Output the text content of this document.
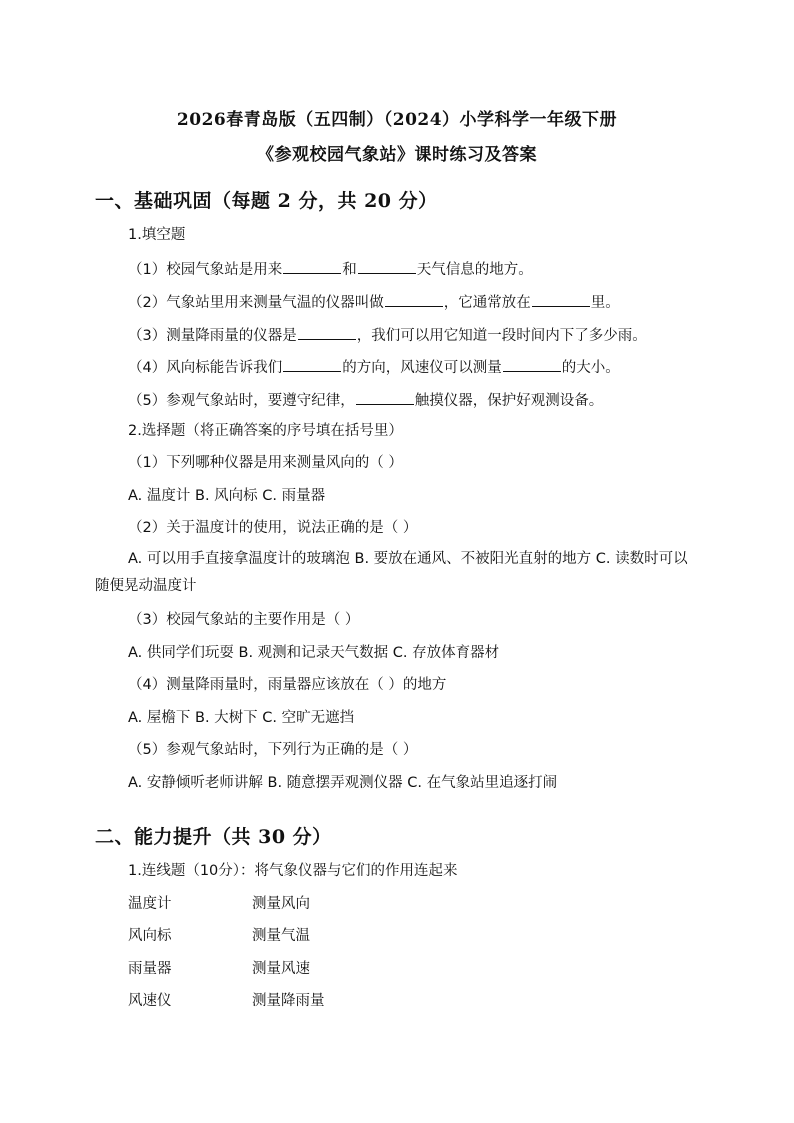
2026春青岛版（五四制）（2024）小学科学一年级下册
《参观校园气象站》课时练习及答案
一、基础巩固（每题 2 分，共 20 分）
1.填空题
（1）校园气象站是用来	和	天气信息的地方。
（2）气象站里用来测量气温的仪器叫做	，它通常放在	里。
（3）测量降雨量的仪器是	，我们可以用它知道一段时间内下了多少雨。
（4）风向标能告诉我们	的方向，风速仪可以测量	的大小。
（5）参观气象站时，要遵守纪律，	触摸仪器，保护好观测设备。
2.选择题（将正确答案的序号填在括号里）
（1）下列哪种仪器是用来测量风向的（ ）
A. 温度计 B. 风向标 C. 雨量器
（2）关于温度计的使用，说法正确的是（ ）
A. 可以用手直接拿温度计的玻璃泡 B. 要放在通风、不被阳光直射的地方 C. 读数时可以随便晃动温度计
（3）校园气象站的主要作用是（ ）
A. 供同学们玩耍 B. 观测和记录天气数据 C. 存放体育器材
（4）测量降雨量时，雨量器应该放在（ ）的地方
A. 屋檐下 B. 大树下 C. 空旷无遮挡
（5）参观气象站时，下列行为正确的是（ ）
A. 安静倾听老师讲解 B. 随意摆弄观测仪器 C. 在气象站里追逐打闹
二、能力提升（共 30 分）
1.连线题（10分）：将气象仪器与它们的作用连起来
温度计	测量风向
风向标	测量气温
雨量器	测量风速
风速仪	测量降雨量
